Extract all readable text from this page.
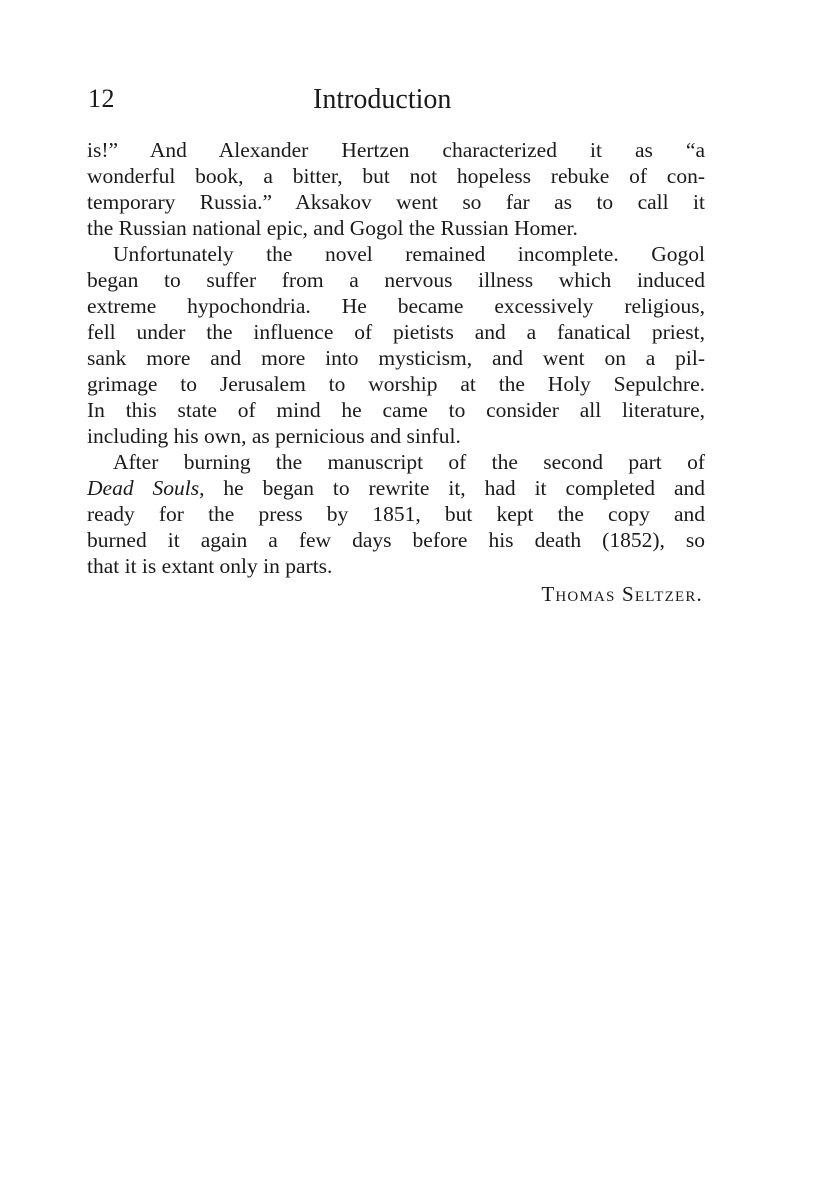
12	Introduction
is!” And Alexander Hertzen characterized it as “a
wonderful book, a bitter, but not hopeless rebuke of con-
temporary Russia.” Aksakov went so far as to call it
the Russian national epic, and Gogol the Russian Homer.
Unfortunately the novel remained incomplete. Gogol
began to suffer from a nervous illness which induced
extreme hypochondria. He became excessively religious,
fell under the influence of pietists and a fanatical priest,
sank more and more into mysticism, and went on a pil-
grimage to Jerusalem to worship at the Holy Sepulchre.
In this state of mind he came to consider all literature,
including his own, as pernicious and sinful.
After burning the manuscript of the second part of
Dead Souls, he began to rewrite it, had it completed and
ready for the press by 1851, but kept the copy and
burned it again a few days before his death (1852), so
that it is extant only in parts.
Thomas Seltzer.
